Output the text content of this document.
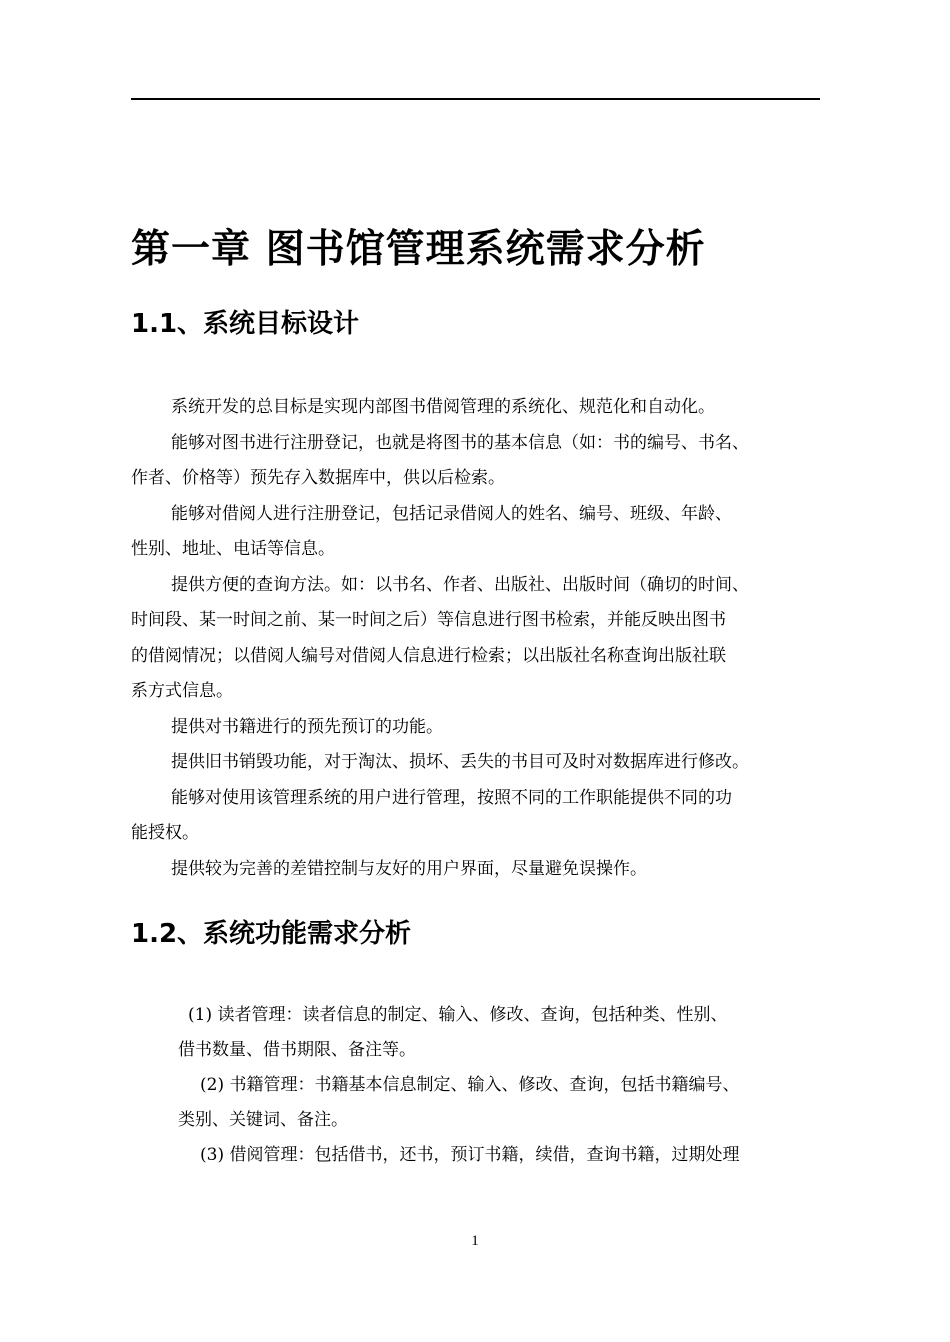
第一章 图书馆管理系统需求分析
1.1、系统目标设计

系统开发的总目标是实现内部图书借阅管理的系统化、规范化和自动化。

能够对图书进行注册登记，也就是将图书的基本信息（如：书的编号、书名、

作者、价格等）预先存入数据库中，供以后检索。

能够对借阅人进行注册登记，包括记录借阅人的姓名、编号、班级、年龄、

性别、地址、电话等信息。

提供方便的查询方法。如：以书名、作者、出版社、出版时间（确切的时间、

时间段、某一时间之前、某一时间之后）等信息进行图书检索，并能反映出图书

的借阅情况；以借阅人编号对借阅人信息进行检索；以出版社名称查询出版社联

系方式信息。

提供对书籍进行的预先预订的功能。

提供旧书销毁功能，对于淘汰、损坏、丢失的书目可及时对数据库进行修改。

能够对使用该管理系统的用户进行管理，按照不同的工作职能提供不同的功

能授权。

提供较为完善的差错控制与友好的用户界面，尽量避免误操作。

1.2、系统功能需求分析

(1) 读者管理：读者信息的制定、输入、修改、查询，包括种类、性别、

借书数量、借书期限、备注等。

(2) 书籍管理：书籍基本信息制定、输入、修改、查询，包括书籍编号、

类别、关键词、备注。

(3) 借阅管理：包括借书，还书，预订书籍，续借，查询书籍，过期处理

1
